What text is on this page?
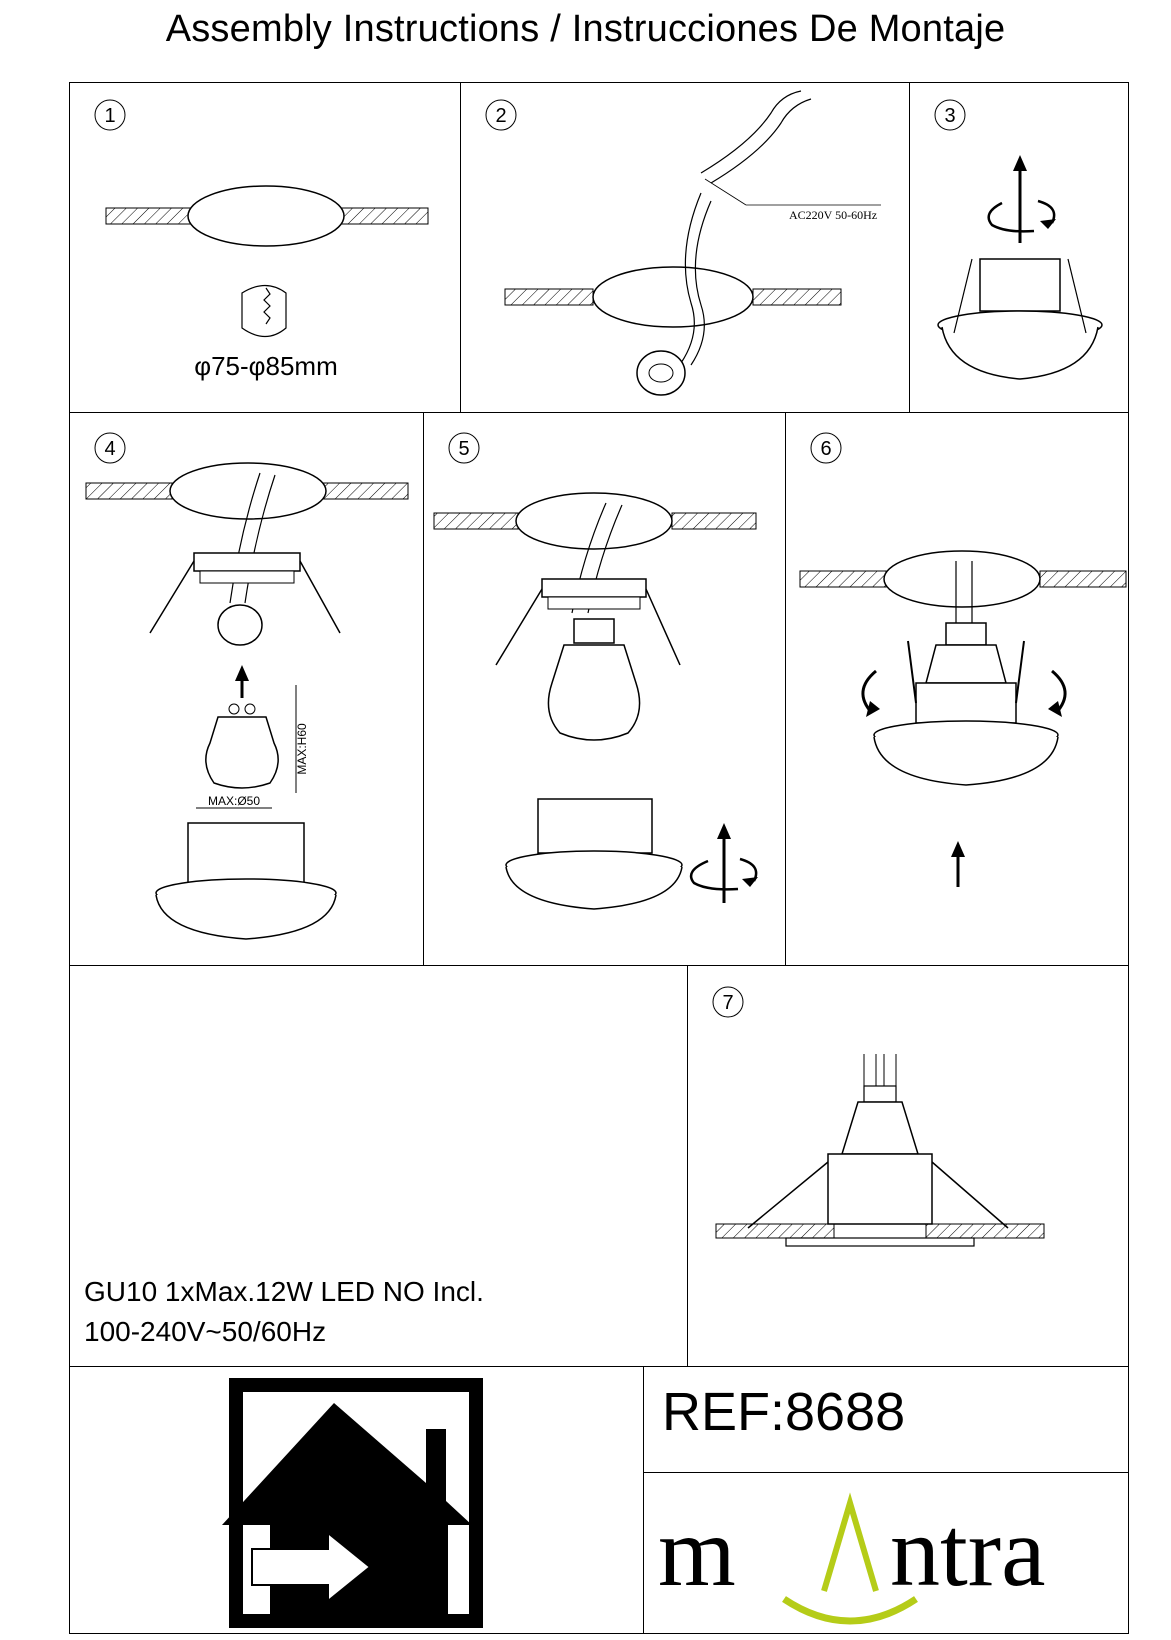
Assembly Instructions / Instrucciones De Montaje
1
φ75-φ85mm
2
AC220V 50-60Hz
3
4
MAX:H60
MAX:Ø50
5	6
GU10 1xMax.12W LED NO Incl.
100-240V~50/60Hz
7
REF:8688
m ntra
